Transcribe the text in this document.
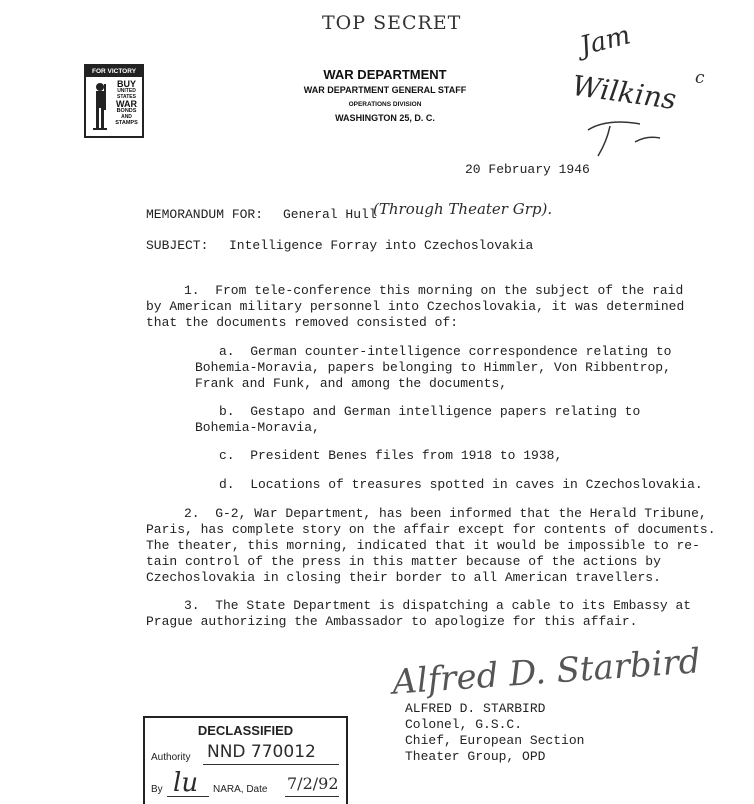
TOP SECRET
FOR VICTORY
BUY
UNITED
STATES
WAR
BONDS
AND
STAMPS
WAR DEPARTMENT
WAR DEPARTMENT GENERAL STAFF
OPERATIONS DIVISION
WASHINGTON 25, D. C.
Jam
Wilkins c
20 February 1946
MEMORANDUM FOR: General Hull
(Through Theater Grp).
SUBJECT: Intelligence Forray into Czechoslovakia
1.  From tele-conference this morning on the subject of the raid
by American military personnel into Czechoslovakia, it was determined
that the documents removed consisted of:
a.  German counter-intelligence correspondence relating to
Bohemia-Moravia, papers belonging to Himmler, Von Ribbentrop,
Frank and Funk, and among the documents,
b.  Gestapo and German intelligence papers relating to
Bohemia-Moravia,
c.  President Benes files from 1918 to 1938,
d.  Locations of treasures spotted in caves in Czechoslovakia.
2.  G-2, War Department, has been informed that the Herald Tribune,
Paris, has complete story on the affair except for contents of documents.
The theater, this morning, indicated that it would be impossible to re-
tain control of the press in this matter because of the actions by
Czechoslovakia in closing their border to all American travellers.
3.  The State Department is dispatching a cable to its Embassy at
Prague authorizing the Ambassador to apologize for this affair.
Alfred D. Starbird
ALFRED D. STARBIRD
Colonel, G.S.C.
Chief, European Section
Theater Group, OPD
DECLASSIFIED
Authority NND 770012
By lu NARA, Date 7/2/92
